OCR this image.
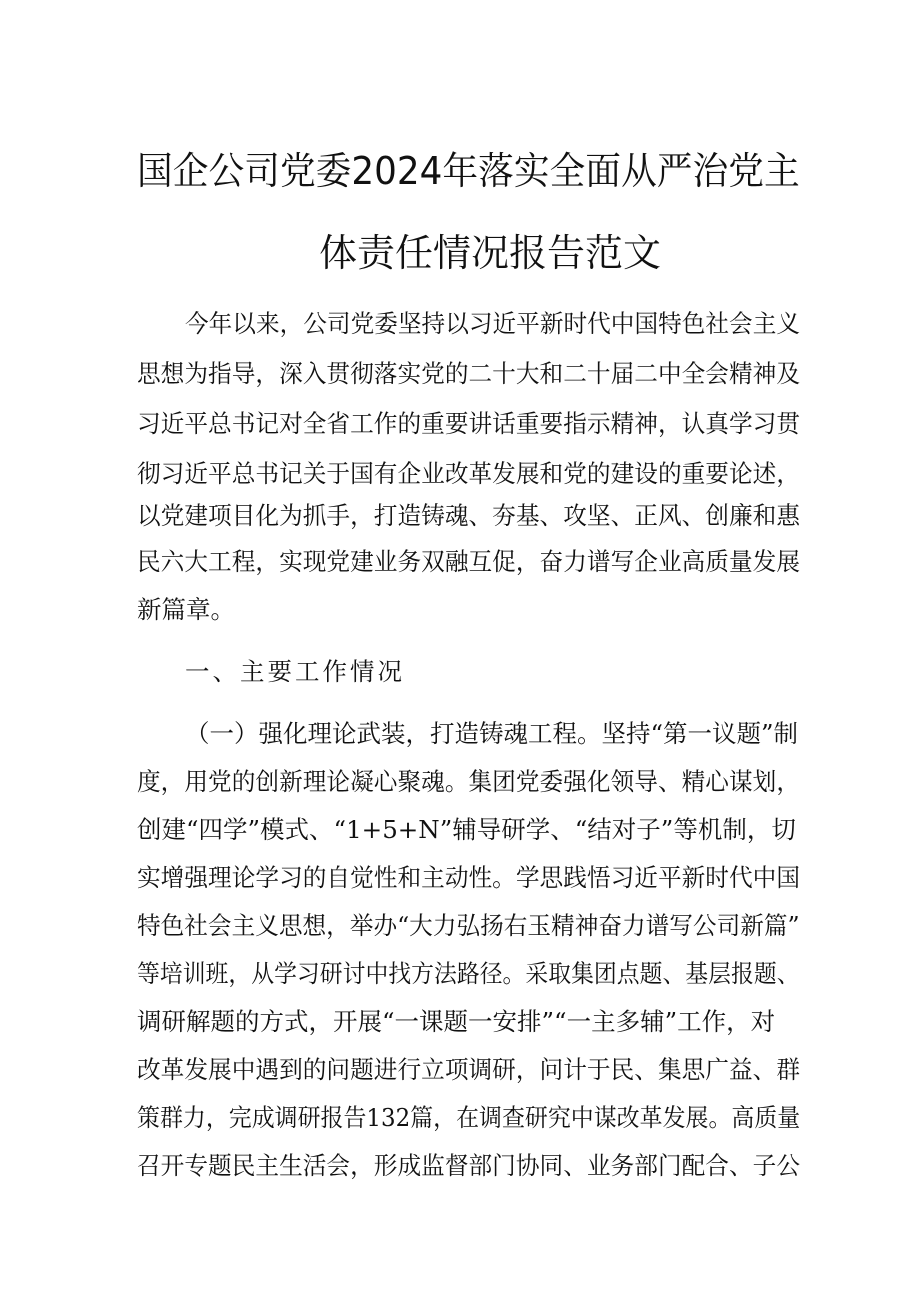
国企公司党委2024年落实全面从严治党主
体责任情况报告范文
今年以来，公司党委坚持以习近平新时代中国特色社会主义
思想为指导，深入贯彻落实党的二十大和二十届二中全会精神及
习近平总书记对全省工作的重要讲话重要指示精神，认真学习贯
彻习近平总书记关于国有企业改革发展和党的建设的重要论述，
以党建项目化为抓手，打造铸魂、夯基、攻坚、正风、创廉和惠
民六大工程，实现党建业务双融互促，奋力谱写企业高质量发展
新篇章。
一、主要工作情况
（一）强化理论武装，打造铸魂工程。坚持“第一议题”制
度，用党的创新理论凝心聚魂。集团党委强化领导、精心谋划，
创建“四学”模式、“1+5+N”辅导研学、“结对子”等机制，切
实增强理论学习的自觉性和主动性。学思践悟习近平新时代中国
特色社会主义思想，举办“大力弘扬右玉精神奋力谱写公司新篇”
等培训班，从学习研讨中找方法路径。采取集团点题、基层报题、
调研解题的方式，开展“一课题一安排”“一主多辅”工作，对
改革发展中遇到的问题进行立项调研，问计于民、集思广益、群
策群力，完成调研报告132篇，在调查研究中谋改革发展。高质量
召开专题民主生活会，形成监督部门协同、业务部门配合、子公
